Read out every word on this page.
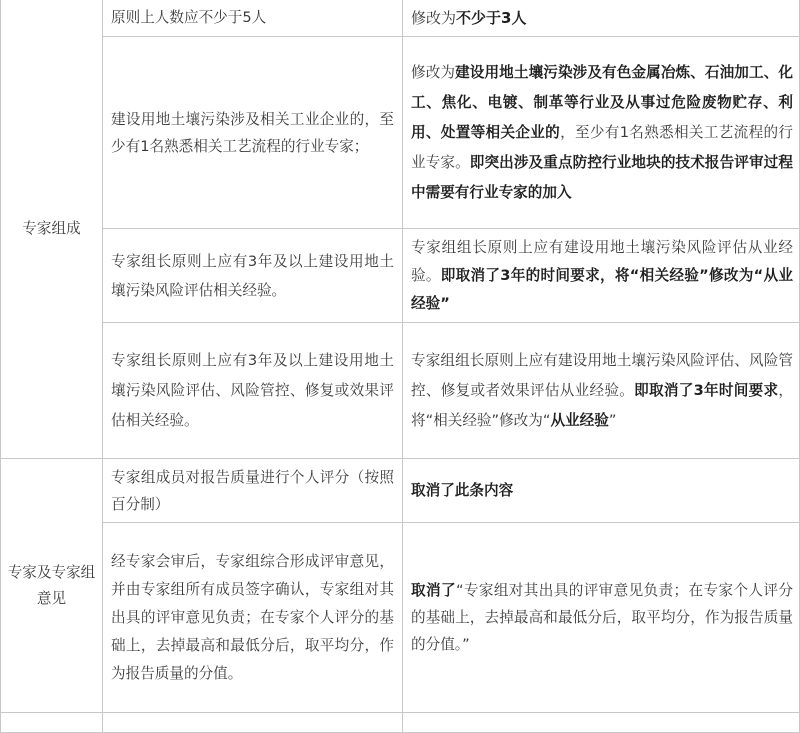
专家组成	原则上人数应不少于5人	修改为不少于3人
	建设用地土壤污染涉及相关工业企业的，至少有1名熟悉相关工艺流程的行业专家；	修改为建设用地土壤污染涉及有色金属冶炼、石油加工、化工、焦化、电镀、制革等行业及从事过危险废物贮存、利用、处置等相关企业的，至少有1名熟悉相关工艺流程的行业专家。即突出涉及重点防控行业地块的技术报告评审过程中需要有行业专家的加入
	专家组长原则上应有3年及以上建设用地土壤污染风险评估相关经验。	专家组组长原则上应有建设用地土壤污染风险评估从业经验。即取消了3年的时间要求，将“相关经验”修改为“从业经验”
	专家组长原则上应有3年及以上建设用地土壤污染风险评估、风险管控、修复或效果评估相关经验。	专家组组长原则上应有建设用地土壤污染风险评估、风险管控、修复或者效果评估从业经验。即取消了3年时间要求，将“相关经验”修改为“从业经验”
专家及专家组意见	专家组成员对报告质量进行个人评分（按照百分制）	取消了此条内容
	经专家会审后，专家组综合形成评审意见，并由专家组所有成员签字确认，专家组对其出具的评审意见负责；在专家个人评分的基础上，去掉最高和最低分后，取平均分，作为报告质量的分值。	取消了“专家组对其出具的评审意见负责；在专家个人评分的基础上，去掉最高和最低分后，取平均分，作为报告质量的分值。”
